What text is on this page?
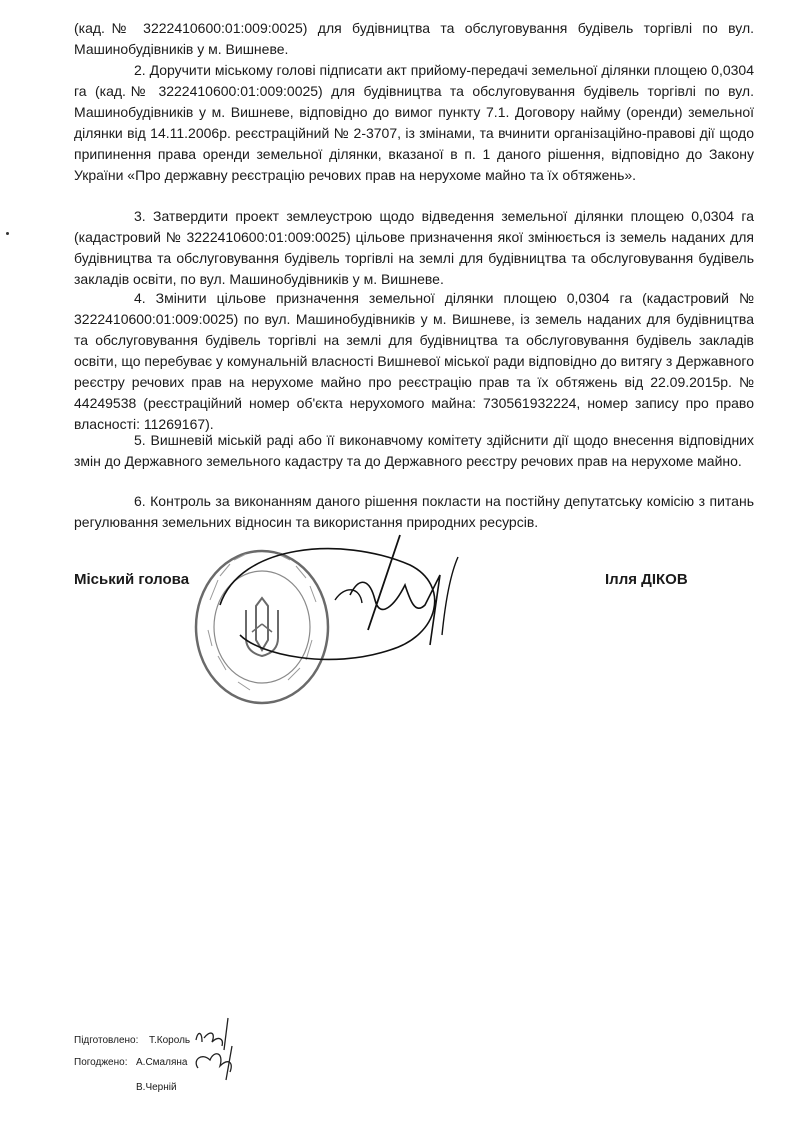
(кад.№ 3222410600:01:009:0025) для будівництва та обслуговування будівель торгівлі по вул. Машинобудівників у м. Вишневе.

2. Доручити міському голові підписати акт прийому-передачі земельної ділянки площею 0,0304 га (кад.№ 3222410600:01:009:0025) для будівництва та обслуговування будівель торгівлі по вул. Машинобудівників у м. Вишневе, відповідно до вимог пункту 7.1. Договору найму (оренди) земельної ділянки від 14.11.2006р. реєстраційний № 2-3707, із змінами, та вчинити організаційно-правові дії щодо припинення права оренди земельної ділянки, вказаної в п. 1 даного рішення, відповідно до Закону України «Про державну реєстрацію речових прав на нерухоме майно та їх обтяжень».

3. Затвердити проект землеустрою щодо відведення земельної ділянки площею 0,0304 га (кадастровий № 3222410600:01:009:0025) цільове призначення якої змінюється із земель наданих для будівництва та обслуговування будівель торгівлі на землі для будівництва та обслуговування будівель закладів освіти, по вул. Машинобудівників у м. Вишневе.

4. Змінити цільове призначення земельної ділянки площею 0,0304 га (кадастровий № 3222410600:01:009:0025) по вул. Машинобудівників у м. Вишневе, із земель наданих для будівництва та обслуговування будівель торгівлі на землі для будівництва та обслуговування будівель закладів освіти, що перебуває у комунальній власності Вишневої міської ради відповідно до витягу з Державного реєстру речових прав на нерухоме майно про реєстрацію прав та їх обтяжень від 22.09.2015р. № 44249538 (реєстраційний номер об'єкта нерухомого майна: 730561932224, номер запису про право власності: 11269167).

5. Вишневій міській раді або її виконавчому комітету здійснити дії щодо внесення відповідних змін до Державного земельного кадастру та до Державного реєстру речових прав на нерухоме майно.

6. Контроль за виконанням даного рішення покласти на постійну депутатську комісію з питань регулювання земельних відносин та використання природних ресурсів.

Міський голова	Ілля ДІКОВ
Підготовлено: Т.Король
Погоджено: А.Смаляна
В.Черній
